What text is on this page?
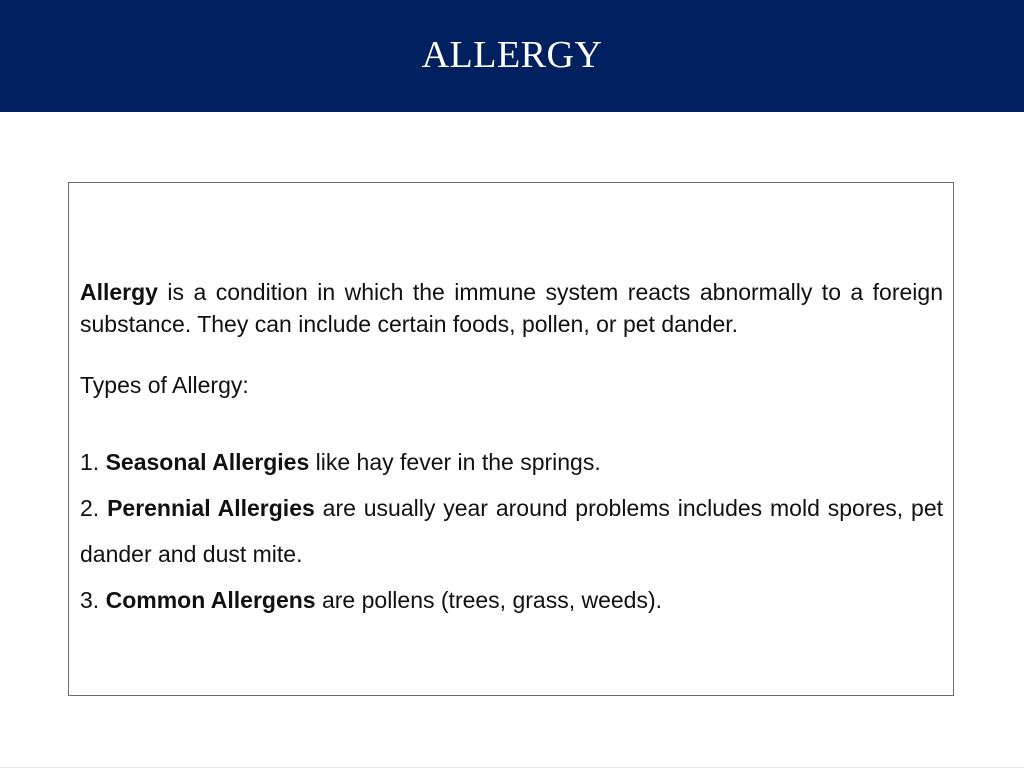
ALLERGY
Allergy is a condition in which the immune system reacts abnormally to a foreign substance. They can include certain foods, pollen, or pet dander.
Types of Allergy:
1. Seasonal Allergies like hay fever in the springs.
2. Perennial Allergies are usually year around problems includes mold spores, pet dander and dust mite.
3. Common Allergens are pollens (trees, grass, weeds).
